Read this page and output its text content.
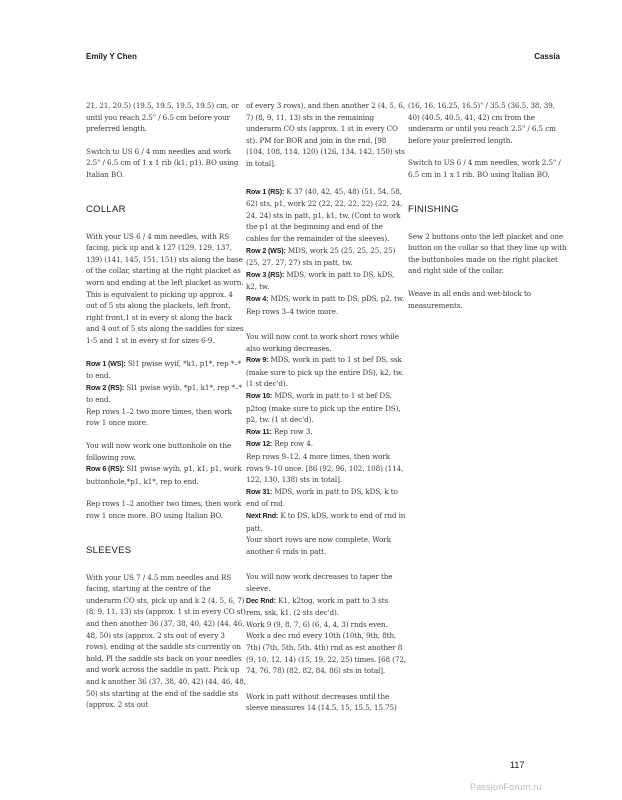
Emily Y Chen	Cassia

21, 21, 20.5) (19.5, 19.5, 19.5, 19.5) cm, or until you reach 2.5" / 6.5 cm before your preferred length.

Switch to US 6 / 4 mm needles and work 2.5" / 6.5 cm of 1 x 1 rib (k1, p1). BO using Italian BO.

COLLAR

With your US 6 / 4 mm needles, with RS facing, pick up and k 127 (129, 129, 137, 139) (141, 145, 151, 151) sts along the base of the collar, starting at the right placket as worn and ending at the left placket as worn. This is equivalent to picking up approx. 4 out of 5 sts along the plackets, left front, right front,1 st in every st along the back and 4 out of 5 sts along the saddles for sizes 1-5 and 1 st in every st for sizes 6-9.

Row 1 (WS): Sl1 pwise wyif, *k1, p1*, rep *–* to end.
Row 2 (RS): Sl1 pwise wyib, *p1, k1*, rep *–* to end.
Rep rows 1–2 two more times, then work row 1 once more.

You will now work one buttonhole on the following row.
Row 6 (RS): Sl1 pwise wyib, p1, k1, p1, work buttonhole,*p1, k1*, rep to end.

Rep rows 1–2 another two times, then work row 1 once more. BO using Italian BO.

SLEEVES

With your US 7 / 4.5 mm needles and RS facing, starting at the centre of the underarm CO sts, pick up and k 2 (4, 5, 6, 7) (8, 9, 11, 13) sts (approx. 1 st in every CO st) and then another 36 (37, 38, 40, 42) (44, 46, 48, 50) sts (approx. 2 sts out of every 3 rows), ending at the saddle sts currently on hold. Pl the saddle sts back on your needles and work across the saddle in patt. Pick up and k another 36 (37, 38, 40, 42) (44, 46, 48, 50) sts starting at the end of the saddle sts (approx. 2 sts out

of every 3 rows), and then another 2 (4, 5, 6, 7) (8, 9, 11, 13) sts in the remaining underarm CO sts (approx. 1 st in every CO st). PM for BOR and join in the rnd. [98 (104, 108, 114, 120) (126, 134, 142, 150) sts in total].

Row 1 (RS): K 37 (40, 42, 45, 48) (51, 54, 58, 62) sts, p1, work 22 (22, 22, 22, 22) (22, 24, 24, 24) sts in patt, p1, k1, tw. (Cont to work the p1 at the beginning and end of the cables for the remainder of the sleeves).
Row 2 (WS): MDS, work 25 (25, 25, 25, 25) (25, 27, 27, 27) sts in patt, tw.
Row 3 (RS): MDS, work in patt to DS, kDS, k2, tw.
Row 4: MDS, work in patt to DS, pDS, p2, tw.
Rep rows 3–4 twice more.

You will now cont to work short rows while also working decreases.
Row 9: MDS, work in patt to 1 st bef DS, ssk (make sure to pick up the entire DS), k2, tw. (1 st dec'd).
Row 10: MDS, work in patt to 1 st bef DS, p2tog (make sure to pick up the entire DS), p2, tw. (1 st dec'd).
Row 11: Rep row 3.
Row 12: Rep row 4.
Rep rows 9–12, 4 more times, then work rows 9–10 once. [86 (92, 96, 102, 108) (114, 122, 130, 138) sts in total].
Row 31: MDS, work in patt to DS, kDS, k to end of rnd.
Next Rnd: K to DS, kDS, work to end of rnd in patt.
Your short rows are now complete. Work another 6 rnds in patt.

You will now work decreases to taper the sleeve.
Dec Rnd: K1, k2tog, work in patt to 3 sts rem, ssk, k1. (2 sts dec'd).
Work 9 (9, 8, 7, 6) (6, 4, 4, 3) rnds even. Work a dec rnd every 10th (10th, 9th, 8th, 7th) (7th, 5th, 5th, 4th) rnd as est another 8 (9, 10, 12, 14) (15, 19, 22, 25) times. [68 (72, 74, 76, 78) (82, 82, 84, 86) sts in total].

Work in patt without decreases until the sleeve measures 14 (14.5, 15, 15.5, 15.75)

(16, 16, 16.25, 16.5)" / 35.5 (36.5, 38, 39, 40) (40.5, 40.5, 41, 42) cm from the underarm or until you reach 2.5" / 6.5 cm before your preferred length.

Switch to US 6 / 4 mm needles, work 2.5" / 6.5 cm in 1 x 1 rib. BO using Italian BO.

FINISHING

Sew 2 buttons onto the left placket and one button on the collar so that they line up with the buttonholes made on the right placket and right side of the collar.

Weave in all ends and wet-block to measurements.

117
PassionForum.ru
